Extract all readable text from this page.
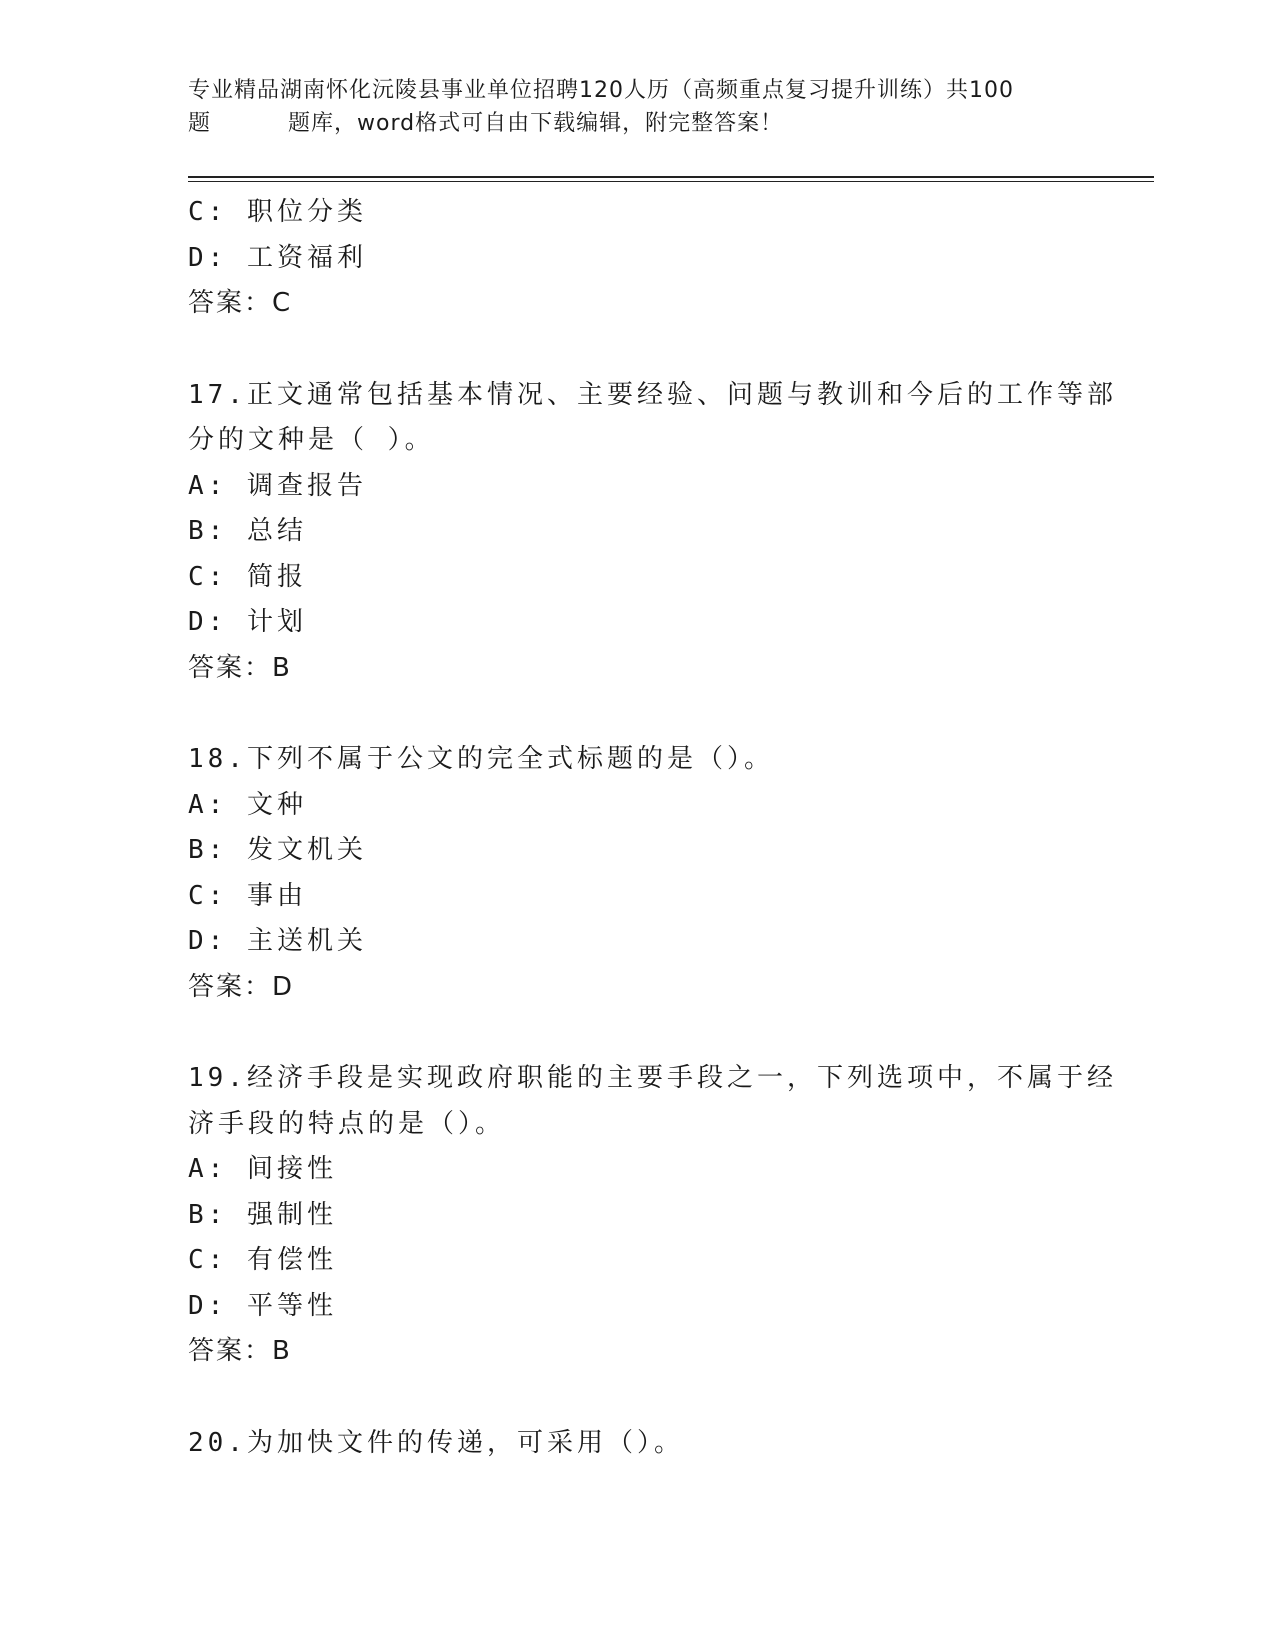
专业精品湖南怀化沅陵县事业单位招聘120人历（高频重点复习提升训练）共100
题	题库，word格式可自由下载编辑，附完整答案！
C: 职位分类
D: 工资福利
答案：C
17.正文通常包括基本情况、主要经验、问题与教训和今后的工作等部
分的文种是（ ）。
A: 调查报告
B: 总结
C: 简报
D: 计划
答案：B
18.下列不属于公文的完全式标题的是（）。
A: 文种
B: 发文机关
C: 事由
D: 主送机关
答案：D
19.经济手段是实现政府职能的主要手段之一，下列选项中，不属于经
济手段的特点的是（）。
A: 间接性
B: 强制性
C: 有偿性
D: 平等性
答案：B
20.为加快文件的传递，可采用（）。
